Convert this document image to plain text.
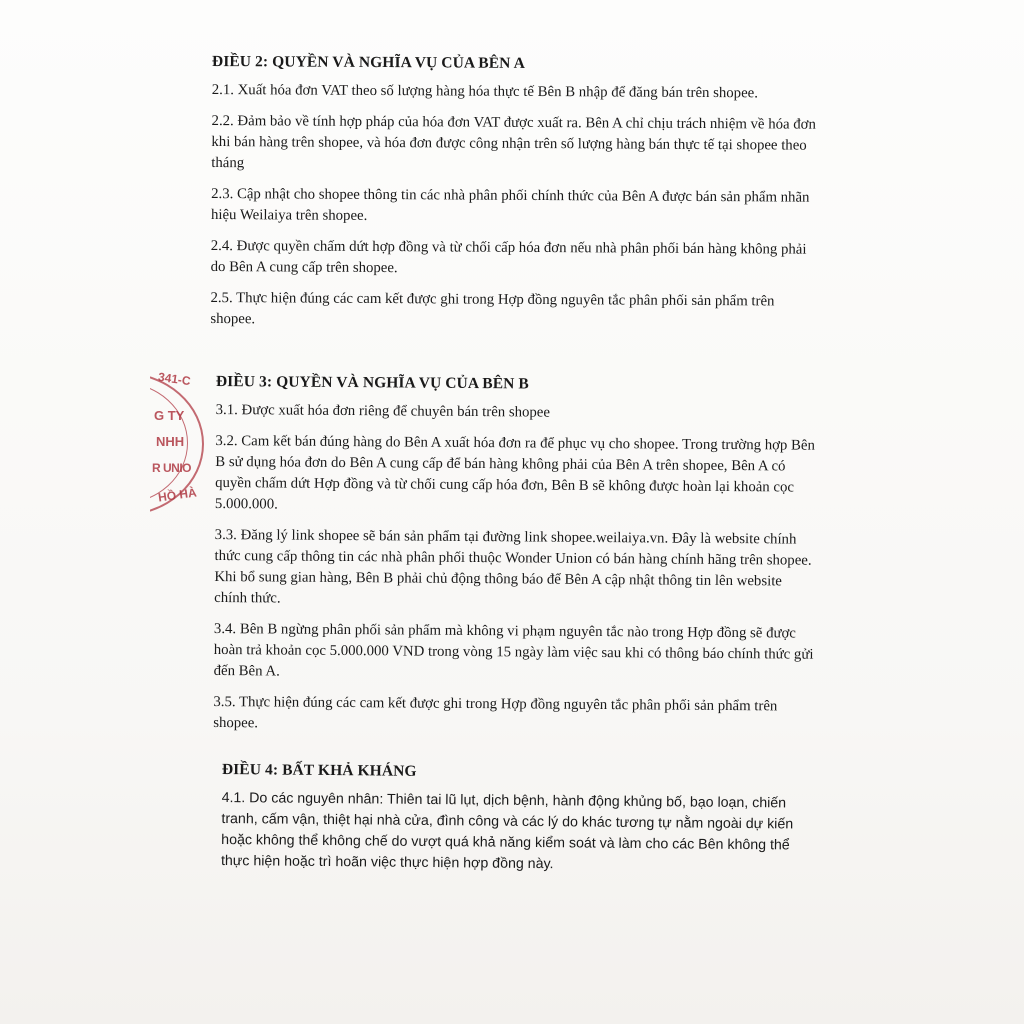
341-C
G TY
NHH
R UNIO
HỒ HÀ
ĐIỀU 2: QUYỀN VÀ NGHĨA VỤ CỦA BÊN A

2.1. Xuất hóa đơn VAT theo số lượng hàng hóa thực tế Bên B nhập để đăng bán trên shopee.

2.2. Đảm bảo về tính hợp pháp của hóa đơn VAT được xuất ra. Bên A chỉ chịu trách nhiệm về hóa đơn khi bán hàng trên shopee, và hóa đơn được công nhận trên số lượng hàng bán thực tế tại shopee theo tháng

2.3. Cập nhật cho shopee thông tin các nhà phân phối chính thức của Bên A được bán sản phẩm nhãn hiệu Weilaiya trên shopee.

2.4. Được quyền chấm dứt hợp đồng và từ chối cấp hóa đơn nếu nhà phân phối bán hàng không phải do Bên A cung cấp trên shopee.

2.5. Thực hiện đúng các cam kết được ghi trong Hợp đồng nguyên tắc phân phối sản phẩm trên shopee.

ĐIỀU 3: QUYỀN VÀ NGHĨA VỤ CỦA BÊN B

3.1. Được xuất hóa đơn riêng để chuyên bán trên shopee

3.2. Cam kết bán đúng hàng do Bên A xuất hóa đơn ra để phục vụ cho shopee. Trong trường hợp Bên B sử dụng hóa đơn do Bên A cung cấp để bán hàng không phải của Bên A trên shopee, Bên A có quyền chấm dứt Hợp đồng và từ chối cung cấp hóa đơn, Bên B sẽ không được hoàn lại khoản cọc 5.000.000.

3.3. Đăng lý link shopee sẽ bán sản phẩm tại đường link shopee.weilaiya.vn. Đây là website chính thức cung cấp thông tin các nhà phân phối thuộc Wonder Union có bán hàng chính hãng trên shopee. Khi bổ sung gian hàng, Bên B phải chủ động thông báo để Bên A cập nhật thông tin lên website chính thức.

3.4. Bên B ngừng phân phối sản phẩm mà không vi phạm nguyên tắc nào trong Hợp đồng sẽ được hoàn trả khoản cọc 5.000.000 VND trong vòng 15 ngày làm việc sau khi có thông báo chính thức gửi đến Bên A.

3.5. Thực hiện đúng các cam kết được ghi trong Hợp đồng nguyên tắc phân phối sản phẩm trên shopee.

ĐIỀU 4: BẤT KHẢ KHÁNG

4.1. Do các nguyên nhân: Thiên tai lũ lụt, dịch bệnh, hành động khủng bố, bạo loạn, chiến tranh, cấm vận, thiệt hại nhà cửa, đình công và các lý do khác tương tự nằm ngoài dự kiến hoặc không thể không chế do vượt quá khả năng kiểm soát và làm cho các Bên không thể thực hiện hoặc trì hoãn việc thực hiện hợp đồng này.
